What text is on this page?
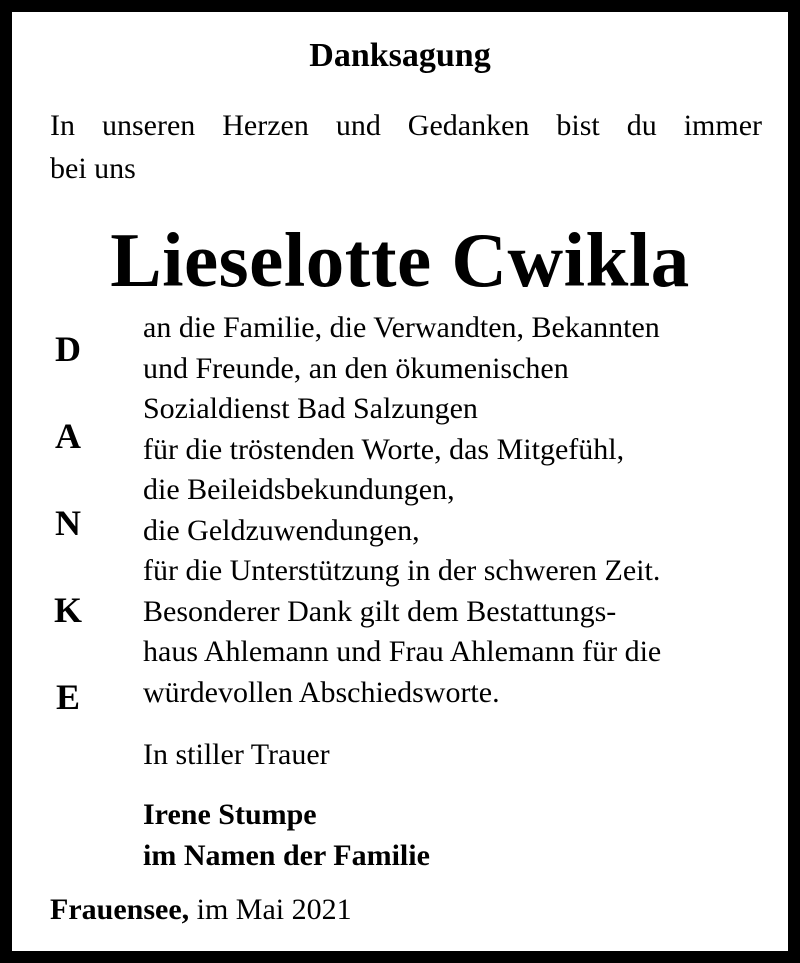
Danksagung

In unseren Herzen und Gedanken bist du immer
bei uns

Lieselotte Cwikla
D
A
N
K
E
an die Familie, die Verwandten, Bekannten
und Freunde, an den ökumenischen
Sozialdienst Bad Salzungen
für die tröstenden Worte, das Mitgefühl,
die Beileidsbekundungen,
die Geldzuwendungen,
für die Unterstützung in der schweren Zeit.
Besonderer Dank gilt dem Bestattungs-
haus Ahlemann und Frau Ahlemann für die
würdevollen Abschiedsworte.

In stiller Trauer

Irene Stumpe
im Namen der Familie

Frauensee, im Mai 2021
